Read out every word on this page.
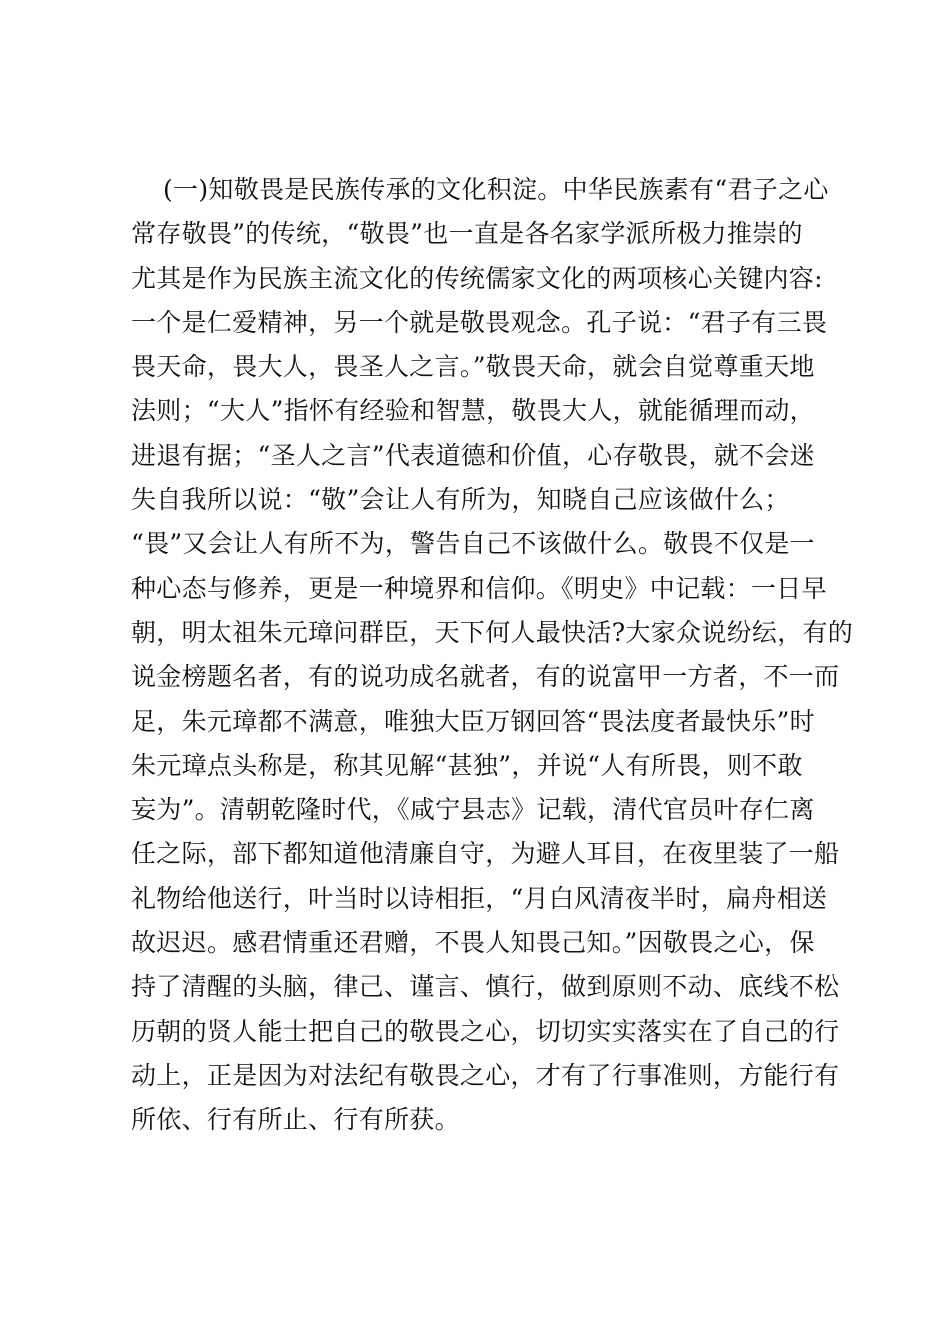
(一)知敬畏是民族传承的文化积淀。中华民族素有“君子之心
常存敬畏”的传统，“敬畏”也一直是各名家学派所极力推崇的
尤其是作为民族主流文化的传统儒家文化的两项核心关键内容:
一个是仁爱精神，另一个就是敬畏观念。孔子说：“君子有三畏
畏天命，畏大人，畏圣人之言。”敬畏天命，就会自觉尊重天地
法则；“大人”指怀有经验和智慧，敬畏大人，就能循理而动，
进退有据；“圣人之言”代表道德和价值，心存敬畏，就不会迷
失自我所以说：“敬”会让人有所为，知晓自己应该做什么；
“畏”又会让人有所不为，警告自己不该做什么。敬畏不仅是一
种心态与修养，更是一种境界和信仰。《明史》中记载：一日早
朝，明太祖朱元璋问群臣，天下何人最快活?大家众说纷纭，有的
说金榜题名者，有的说功成名就者，有的说富甲一方者，不一而
足，朱元璋都不满意，唯独大臣万钢回答“畏法度者最快乐”时
朱元璋点头称是，称其见解“甚独”，并说“人有所畏，则不敢
妄为”。清朝乾隆时代，《咸宁县志》记载，清代官员叶存仁离
任之际，部下都知道他清廉自守，为避人耳目，在夜里装了一船
礼物给他送行，叶当时以诗相拒，“月白风清夜半时，扁舟相送
故迟迟。感君情重还君赠，不畏人知畏己知。”因敬畏之心，保
持了清醒的头脑，律己、谨言、慎行，做到原则不动、底线不松
历朝的贤人能士把自己的敬畏之心，切切实实落实在了自己的行
动上，正是因为对法纪有敬畏之心，才有了行事准则，方能行有
所依、行有所止、行有所获。
